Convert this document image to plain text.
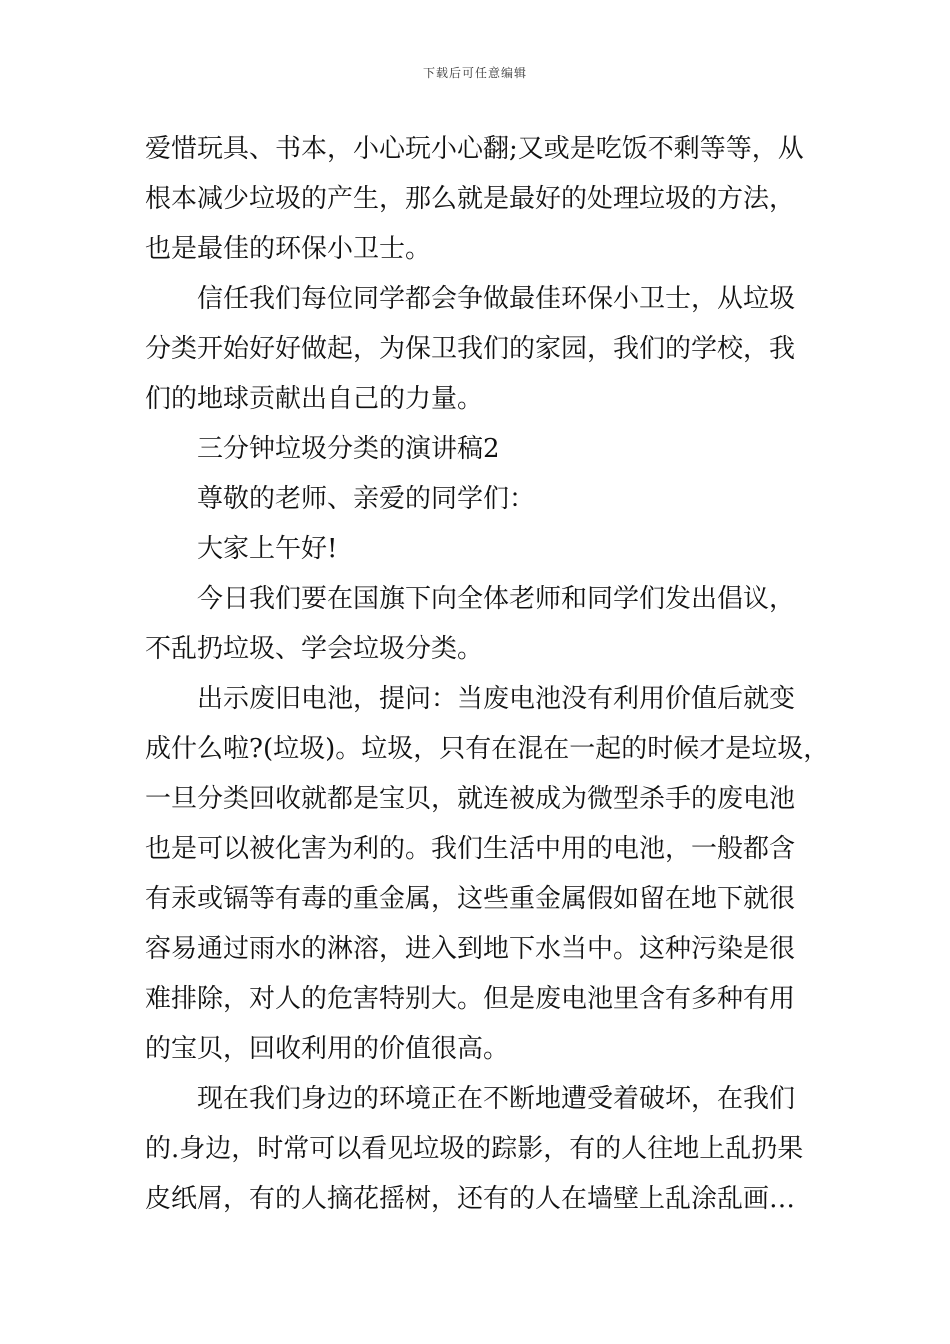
下载后可任意编辑
爱惜玩具、书本，小心玩小心翻;又或是吃饭不剩等等，从
根本减少垃圾的产生，那么就是最好的处理垃圾的方法，
也是最佳的环保小卫士。
信任我们每位同学都会争做最佳环保小卫士，从垃圾
分类开始好好做起，为保卫我们的家园，我们的学校，我
们的地球贡献出自己的力量。
三分钟垃圾分类的演讲稿2
尊敬的老师、亲爱的同学们：
大家上午好!
今日我们要在国旗下向全体老师和同学们发出倡议，
不乱扔垃圾、学会垃圾分类。
出示废旧电池，提问：当废电池没有利用价值后就变
成什么啦?(垃圾)。垃圾，只有在混在一起的时候才是垃圾，
一旦分类回收就都是宝贝，就连被成为微型杀手的废电池
也是可以被化害为利的。我们生活中用的电池，一般都含
有汞或镉等有毒的重金属，这些重金属假如留在地下就很
容易通过雨水的淋溶，进入到地下水当中。这种污染是很
难排除，对人的危害特别大。但是废电池里含有多种有用
的宝贝，回收利用的价值很高。
现在我们身边的环境正在不断地遭受着破坏，在我们
的.身边，时常可以看见垃圾的踪影，有的人往地上乱扔果
皮纸屑，有的人摘花摇树，还有的人在墙壁上乱涂乱画…
